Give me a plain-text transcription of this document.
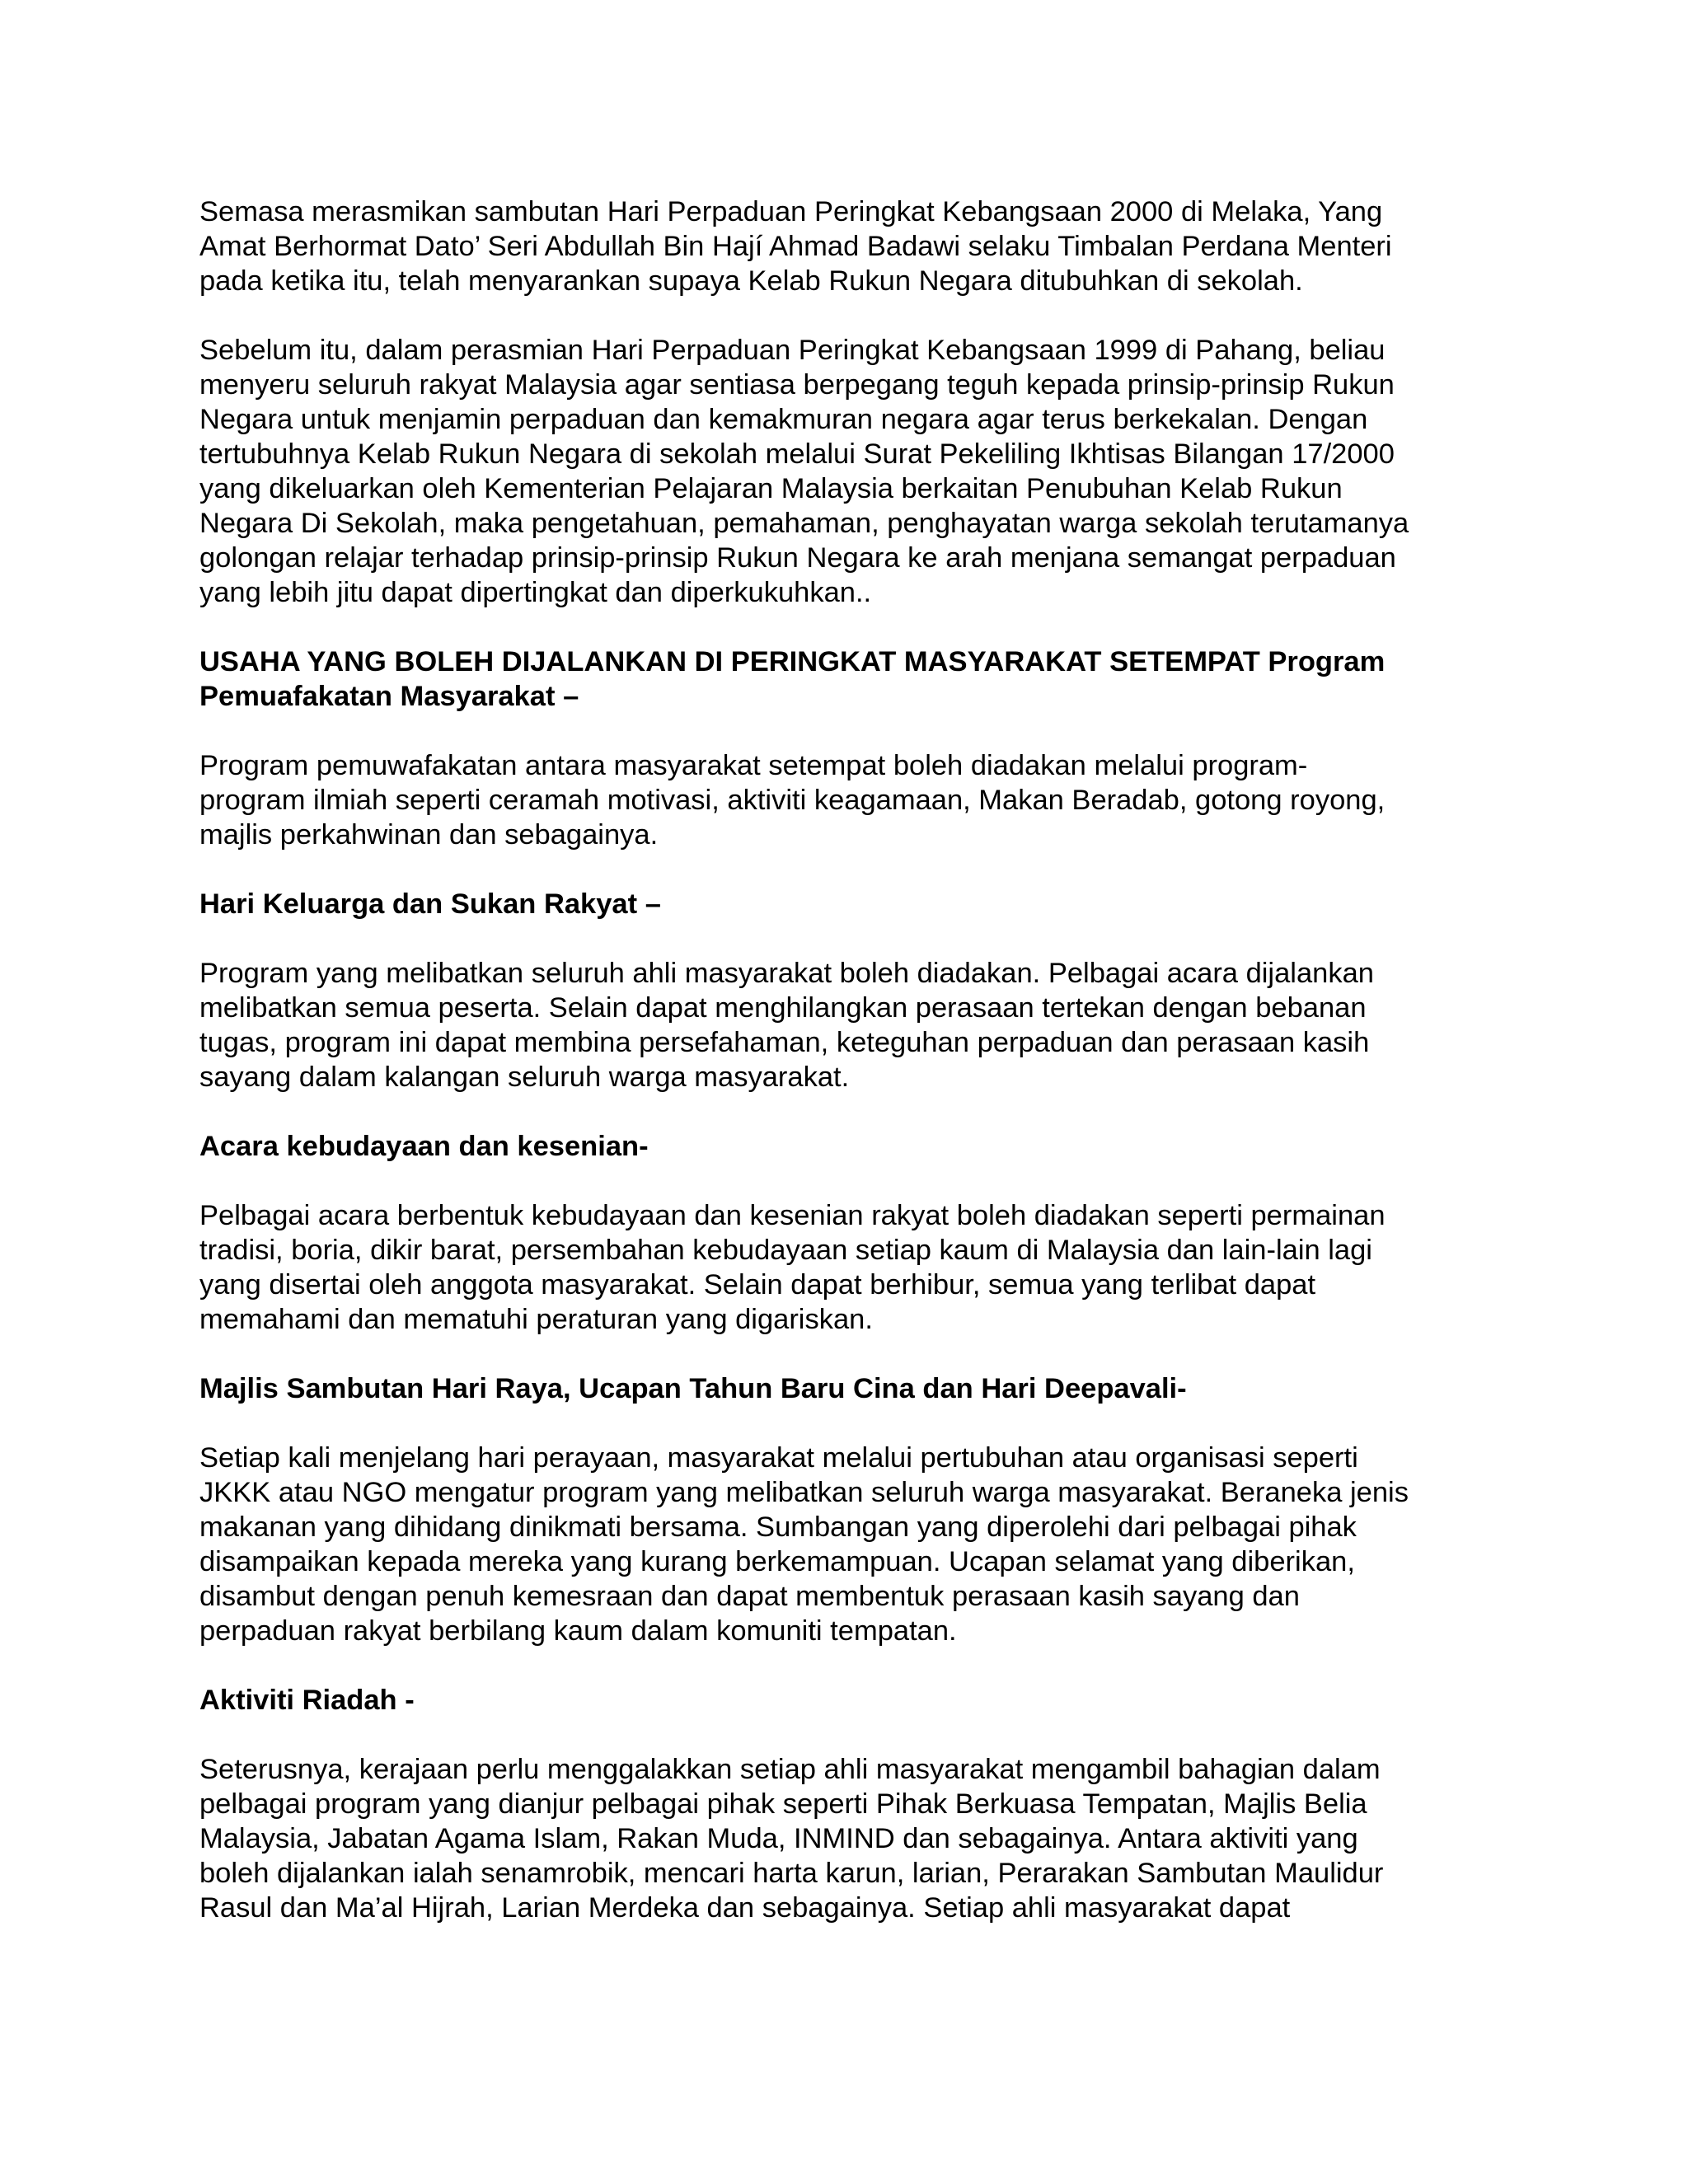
Semasa merasmikan sambutan Hari Perpaduan Peringkat Kebangsaan 2000 di Melaka, Yang
Amat Berhormat Dato’ Seri Abdullah Bin Hají Ahmad Badawi selaku Timbalan Perdana Menteri
pada ketika itu, telah menyarankan supaya Kelab Rukun Negara ditubuhkan di sekolah.

Sebelum itu, dalam perasmian Hari Perpaduan Peringkat Kebangsaan 1999 di Pahang, beliau
menyeru seluruh rakyat Malaysia agar sentiasa berpegang teguh kepada prinsip-prinsip Rukun
Negara untuk menjamin perpaduan dan kemakmuran negara agar terus berkekalan. Dengan
tertubuhnya Kelab Rukun Negara di sekolah melalui Surat Pekeliling Ikhtisas Bilangan 17/2000
yang dikeluarkan oleh Kementerian Pelajaran Malaysia berkaitan Penubuhan Kelab Rukun
Negara Di Sekolah, maka pengetahuan, pemahaman, penghayatan warga sekolah terutamanya
golongan relajar terhadap prinsip-prinsip Rukun Negara ke arah menjana semangat perpaduan
yang lebih jitu dapat dipertingkat dan diperkukuhkan..

USAHA YANG BOLEH DIJALANKAN DI PERINGKAT MASYARAKAT SETEMPAT Program
Pemuafakatan Masyarakat –

Program pemuwafakatan antara masyarakat setempat boleh diadakan melalui program-
program ilmiah seperti ceramah motivasi, aktiviti keagamaan, Makan Beradab, gotong royong,
majlis perkahwinan dan sebagainya.

Hari Keluarga dan Sukan Rakyat –

Program yang melibatkan seluruh ahli masyarakat boleh diadakan. Pelbagai acara dijalankan
melibatkan semua peserta. Selain dapat menghilangkan perasaan tertekan dengan bebanan
tugas, program ini dapat membina persefahaman, keteguhan perpaduan dan perasaan kasih
sayang dalam kalangan seluruh warga masyarakat.

Acara kebudayaan dan kesenian-

Pelbagai acara berbentuk kebudayaan dan kesenian rakyat boleh diadakan seperti permainan
tradisi, boria, dikir barat, persembahan kebudayaan setiap kaum di Malaysia dan lain-lain lagi
yang disertai oleh anggota masyarakat. Selain dapat berhibur, semua yang terlibat dapat
memahami dan mematuhi peraturan yang digariskan.

Majlis Sambutan Hari Raya, Ucapan Tahun Baru Cina dan Hari Deepavali-

Setiap kali menjelang hari perayaan, masyarakat melalui pertubuhan atau organisasi seperti
JKKK atau NGO mengatur program yang melibatkan seluruh warga masyarakat. Beraneka jenis
makanan yang dihidang dinikmati bersama. Sumbangan yang diperolehi dari pelbagai pihak
disampaikan kepada mereka yang kurang berkemampuan. Ucapan selamat yang diberikan,
disambut dengan penuh kemesraan dan dapat membentuk perasaan kasih sayang dan
perpaduan rakyat berbilang kaum dalam komuniti tempatan.

Aktiviti Riadah -

Seterusnya, kerajaan perlu menggalakkan setiap ahli masyarakat mengambil bahagian dalam
pelbagai program yang dianjur pelbagai pihak seperti Pihak Berkuasa Tempatan, Majlis Belia
Malaysia, Jabatan Agama Islam, Rakan Muda, INMIND dan sebagainya. Antara aktiviti yang
boleh dijalankan ialah senamrobik, mencari harta karun, larian, Perarakan Sambutan Maulidur
Rasul dan Ma’al Hijrah, Larian Merdeka dan sebagainya. Setiap ahli masyarakat dapat
